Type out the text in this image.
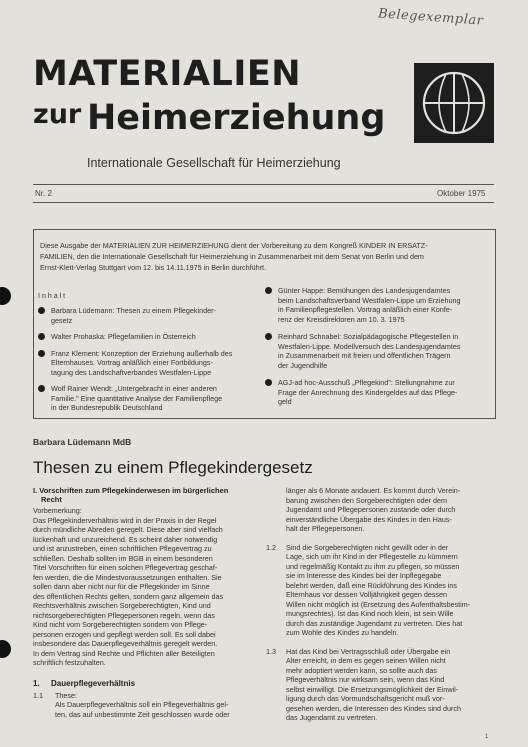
Belegexemplar
MATERIALIEN
zur Heimerziehung
Internationale Gesellschaft für Heimerziehung
Nr. 2	Oktober 1975
Diese Ausgabe der MATERIALIEN ZUR HEIMERZIEHUNG dient der Vorbereitung zu dem Kongreß KINDER IN ERSATZ-
FAMILIEN, den die Internationale Gesellschaft für Heimerziehung in Zusammenarbeit mit dem Senat von Berlin und dem
Ernst-Klett-Verlag Stuttgart vom 12. bis 14.11.1975 in Berlin durchführt.
Inhalt
Barbara Lüdemann: Thesen zu einem Pflegekinder-
gesetz
Walter Prohaska: Pflegefamilien in Österreich
Franz Klement: Konzeption der Erziehung außerhalb des
Elternhauses. Vortrag anläßlich einer Fortbildungs-
tagung des Landschaftverbandes Westfalen-Lippe
Wolf Rainer Wendt: „Untergebracht in einer anderen
Familie." Eine quantitative Analyse der Familienpflege
in der Bundesrepublik Deutschland
Günter Happe: Bemühungen des Landesjugendamtes
beim Landschaftsverband Westfalen-Lippe um Erziehung
in Familienpflegestellen. Vortrag anläßlich einer Konfe-
renz der Kreisdirektoren am 10. 3. 1975
Reinhard Schnabel: Sozialpädagogische Pflegestellen in
Westfalen-Lippe. Modellversuch des Landesjugendamtes
in Zusammenarbeit mit freien und öffentlichen Trägern
der Jugendhilfe
AGJ-ad hoc-Ausschuß „Pflegekind": Stellungnahme zur
Frage der Anrechnung des Kindergeldes auf das Pflege-
geld
Barbara Lüdemann MdB
Thesen zu einem Pflegekindergesetz
I. Vorschriften zum Pflegekinderwesen im bürgerlichen
Recht
Vorbemerkung:
Das Pflegekinderverhältnis wird in der Praxis in der Regel
durch mündliche Abreden geregelt. Diese aber sind vielfach
lückenhaft und unzureichend. Es scheint daher notwendig
und ist anzustreben, einen schriftlichen Pflegevertrag zu
schließen. Deshalb sollten im BGB in einem besonderen
Titel Vorschriften für einen solchen Pflegevertrag geschaf-
fen werden, die die Mindestvoraussetzungen enthalten. Sie
sollen dann aber nicht nur für die Pflegekinder im Sinne
des öffentlichen Rechts gelten, sondern ganz allgemein das
Rechtsverhältnis zwischen Sorgeberechtigten, Kind und
nichtsorgeberechtigten Pflegepersonen regeln, wenn das
Kind nicht vom Sorgeberechtigten sondern von Pflege-
personen erzogen und gepflegt werden soll. Es soll dabei
insbesondere das Dauerpflegeverhältnis geregelt werden.
In dem Vertrag sind Rechte und Pflichten aller Beteiligten
schriftlich festzuhalten.
1.	Dauerpflegeverhältnis
1.1	These:
Als Dauerpflegeverhältnis soll ein Pflegeverhältnis gel-
ten, das auf unbestimmte Zeit geschlossen wurde oder
länger als 6 Monate andauert. Es kommt durch Verein-
barung zwischen den Sorgeberechtigten oder dem
Jugendamt und Pflegepersonen zustande oder durch
einverständliche Übergabe des Kindes in den Haus-
halt der Pflegepersonen.
1.2	Sind die Sorgeberechtigten nicht gewillt oder in der
Lage, sich um ihr Kind in der Pflegestelle zu kümmern
und regelmäßig Kontakt zu ihm zu pflegen, so müssen
sie im Interesse des Kindes bei der Inpflegegabe
belehrt werden, daß eine Rückführung des Kindes ins
Elternhaus vor dessen Volljährigkeit gegen dessen
Willen nicht möglich ist (Ersetzung des Aufenthaltsbestim-
mungsrechtes). Ist das Kind noch klein, ist sein Wille
durch das zuständige Jugendamt zu vertreten. Dies hat
zum Wohle des Kindes zu handeln.
1.3	Hat das Kind bei Vertragsschluß oder Übergabe ein
Alter erreicht, in dem es gegen seinen Willen nicht
mehr adoptiert werden kann, so sollte auch das
Pflegeverhältnis nur wirksam sein, wenn das Kind
selbst einwilligt. Die Ersetzungsmöglichkeit der Einwil-
ligung durch das Vormundschaftsgericht muß vor-
gesehen werden, die Interessen des Kindes sind durch
das Jugendamt zu vertreten.
1
